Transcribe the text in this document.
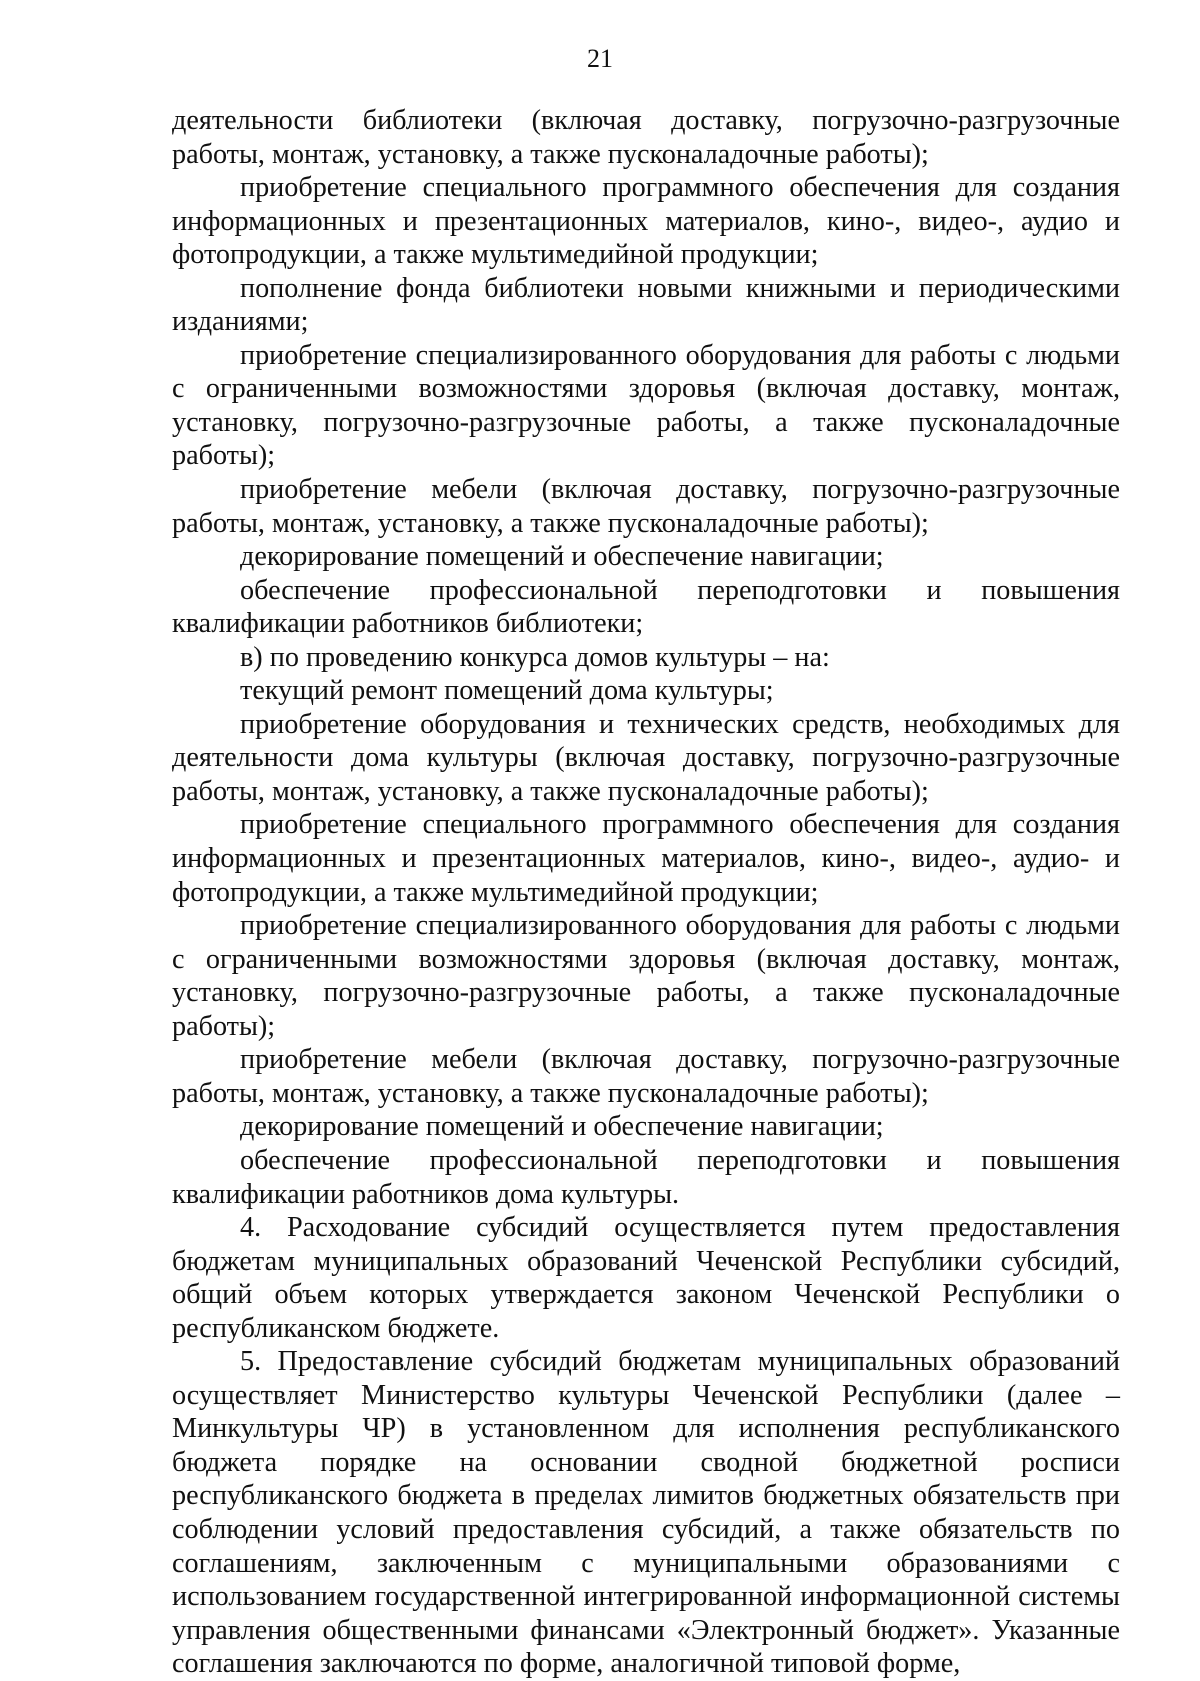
21

деятельности библиотеки (включая доставку, погрузочно-разгрузочные работы, монтаж, установку, а также пусконаладочные работы);

приобретение специального программного обеспечения для создания информационных и презентационных материалов, кино-, видео-, аудио и фотопродукции, а также мультимедийной продукции;

пополнение фонда библиотеки новыми книжными и периодическими изданиями;

приобретение специализированного оборудования для работы с людьми с ограниченными возможностями здоровья (включая доставку, монтаж, установку, погрузочно-разгрузочные работы, а также пусконаладочные работы);

приобретение мебели (включая доставку, погрузочно-разгрузочные работы, монтаж, установку, а также пусконаладочные работы);

декорирование помещений и обеспечение навигации;

обеспечение профессиональной переподготовки и повышения квалификации работников библиотеки;

в) по проведению конкурса домов культуры – на:

текущий ремонт помещений дома культуры;

приобретение оборудования и технических средств, необходимых для деятельности дома культуры (включая доставку, погрузочно-разгрузочные работы, монтаж, установку, а также пусконаладочные работы);

приобретение специального программного обеспечения для создания информационных и презентационных материалов, кино-, видео-, аудио- и фотопродукции, а также мультимедийной продукции;

приобретение специализированного оборудования для работы с людьми с ограниченными возможностями здоровья (включая доставку, монтаж, установку, погрузочно-разгрузочные работы, а также пусконаладочные работы);

приобретение мебели (включая доставку, погрузочно-разгрузочные работы, монтаж, установку, а также пусконаладочные работы);

декорирование помещений и обеспечение навигации;

обеспечение профессиональной переподготовки и повышения квалификации работников дома культуры.

4. Расходование субсидий осуществляется путем предоставления бюджетам муниципальных образований Чеченской Республики субсидий, общий объем которых утверждается законом Чеченской Республики о республиканском бюджете.

5. Предоставление субсидий бюджетам муниципальных образований осуществляет Министерство культуры Чеченской Республики (далее – Минкультуры ЧР) в установленном для исполнения республиканского бюджета порядке на основании сводной бюджетной росписи республиканского бюджета в пределах лимитов бюджетных обязательств при соблюдении условий предоставления субсидий, а также обязательств по соглашениям, заключенным с муниципальными образованиями с использованием государственной интегрированной информационной системы управления общественными финансами «Электронный бюджет». Указанные соглашения заключаются по форме, аналогичной типовой форме,
